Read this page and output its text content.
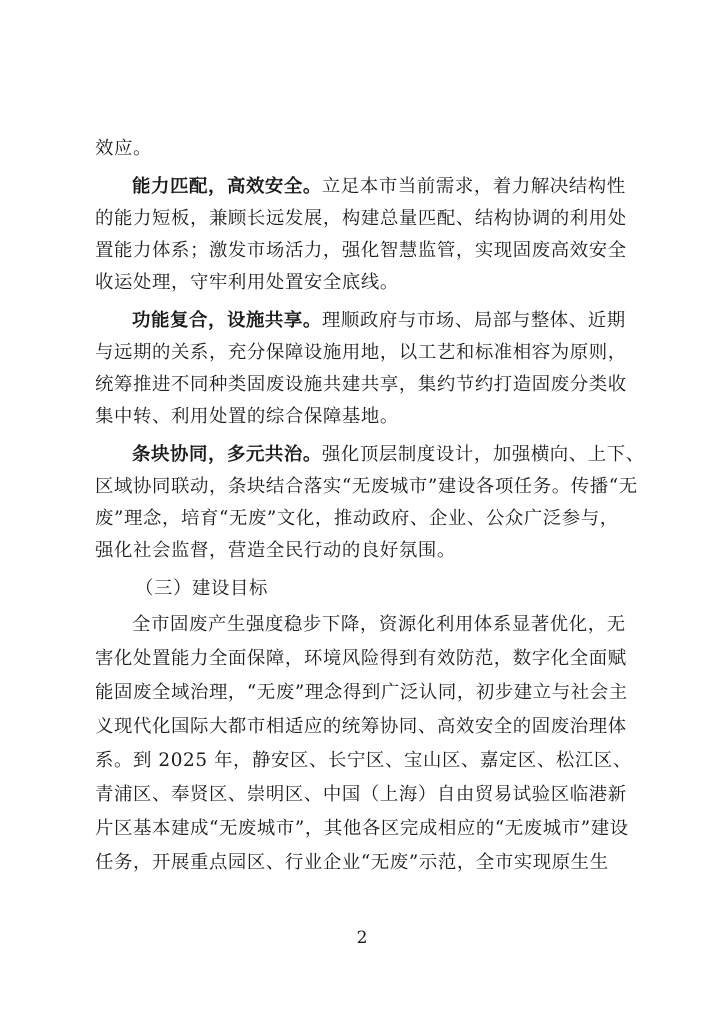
效应。
能力匹配，高效安全。立足本市当前需求，着力解决结构性
的能力短板，兼顾长远发展，构建总量匹配、结构协调的利用处
置能力体系；激发市场活力，强化智慧监管，实现固废高效安全
收运处理，守牢利用处置安全底线。
功能复合，设施共享。理顺政府与市场、局部与整体、近期
与远期的关系，充分保障设施用地，以工艺和标准相容为原则，
统筹推进不同种类固废设施共建共享，集约节约打造固废分类收
集中转、利用处置的综合保障基地。
条块协同，多元共治。强化顶层制度设计，加强横向、上下、
区域协同联动，条块结合落实“无废城市”建设各项任务。传播“无
废”理念，培育“无废”文化，推动政府、企业、公众广泛参与，
强化社会监督，营造全民行动的良好氛围。
（三）建设目标
全市固废产生强度稳步下降，资源化利用体系显著优化，无
害化处置能力全面保障，环境风险得到有效防范，数字化全面赋
能固废全域治理，“无废”理念得到广泛认同，初步建立与社会主
义现代化国际大都市相适应的统筹协同、高效安全的固废治理体
系。到 2025 年，静安区、长宁区、宝山区、嘉定区、松江区、
青浦区、奉贤区、崇明区、中国（上海）自由贸易试验区临港新
片区基本建成“无废城市”，其他各区完成相应的“无废城市”建设
任务，开展重点园区、行业企业“无废”示范，全市实现原生生
2
